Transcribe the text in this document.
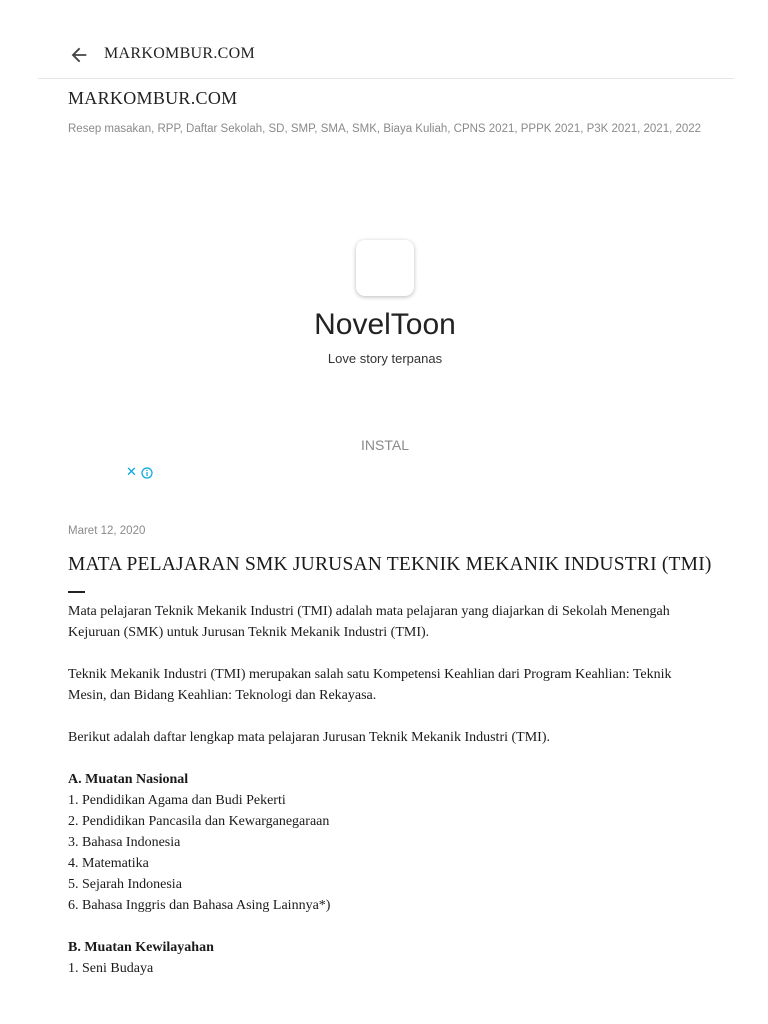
MARKOMBUR.COM
MARKOMBUR.COM
Resep masakan, RPP, Daftar Sekolah, SD, SMP, SMA, SMK, Biaya Kuliah, CPNS 2021, PPPK 2021, P3K 2021, 2021, 2022
NovelToon
Love story terpanas
INSTAL
✕
Maret 12, 2020
MATA PELAJARAN SMK JURUSAN TEKNIK MEKANIK INDUSTRI (TMI)

Mata pelajaran Teknik Mekanik Industri (TMI) adalah mata pelajaran yang diajarkan di Sekolah Menengah Kejuruan (SMK) untuk Jurusan Teknik Mekanik Industri (TMI).

Teknik Mekanik Industri (TMI) merupakan salah satu Kompetensi Keahlian dari Program Keahlian: Teknik Mesin, dan Bidang Keahlian: Teknologi dan Rekayasa.

Berikut adalah daftar lengkap mata pelajaran Jurusan Teknik Mekanik Industri (TMI).

A. Muatan Nasional

1. Pendidikan Agama dan Budi Pekerti

2. Pendidikan Pancasila dan Kewarganegaraan

3. Bahasa Indonesia

4. Matematika

5. Sejarah Indonesia

6. Bahasa Inggris dan Bahasa Asing Lainnya*)

B. Muatan Kewilayahan

1. Seni Budaya
